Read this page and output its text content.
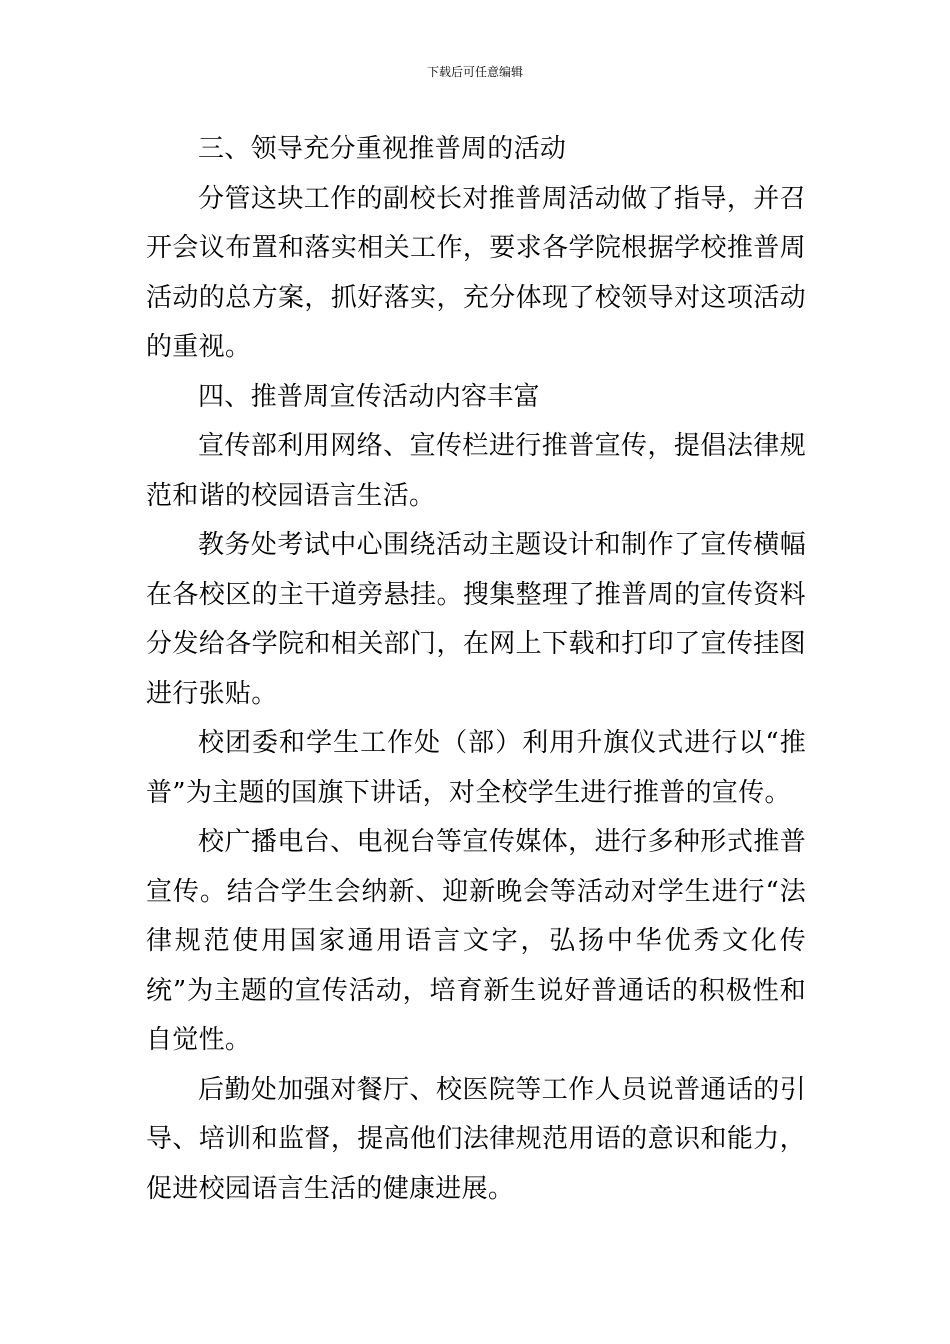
下载后可任意编辑

三、领导充分重视推普周的活动

分管这块工作的副校长对推普周活动做了指导，并召开会议布置和落实相关工作，要求各学院根据学校推普周活动的总方案，抓好落实，充分体现了校领导对这项活动的重视。

四、推普周宣传活动内容丰富

宣传部利用网络、宣传栏进行推普宣传，提倡法律规范和谐的校园语言生活。

教务处考试中心围绕活动主题设计和制作了宣传横幅在各校区的主干道旁悬挂。搜集整理了推普周的宣传资料分发给各学院和相关部门，在网上下载和打印了宣传挂图进行张贴。

校团委和学生工作处（部）利用升旗仪式进行以“推普”为主题的国旗下讲话，对全校学生进行推普的宣传。

校广播电台、电视台等宣传媒体，进行多种形式推普宣传。结合学生会纳新、迎新晚会等活动对学生进行“法律规范使用国家通用语言文字，弘扬中华优秀文化传统”为主题的宣传活动，培育新生说好普通话的积极性和自觉性。

后勤处加强对餐厅、校医院等工作人员说普通话的引导、培训和监督，提高他们法律规范用语的意识和能力，促进校园语言生活的健康进展。
